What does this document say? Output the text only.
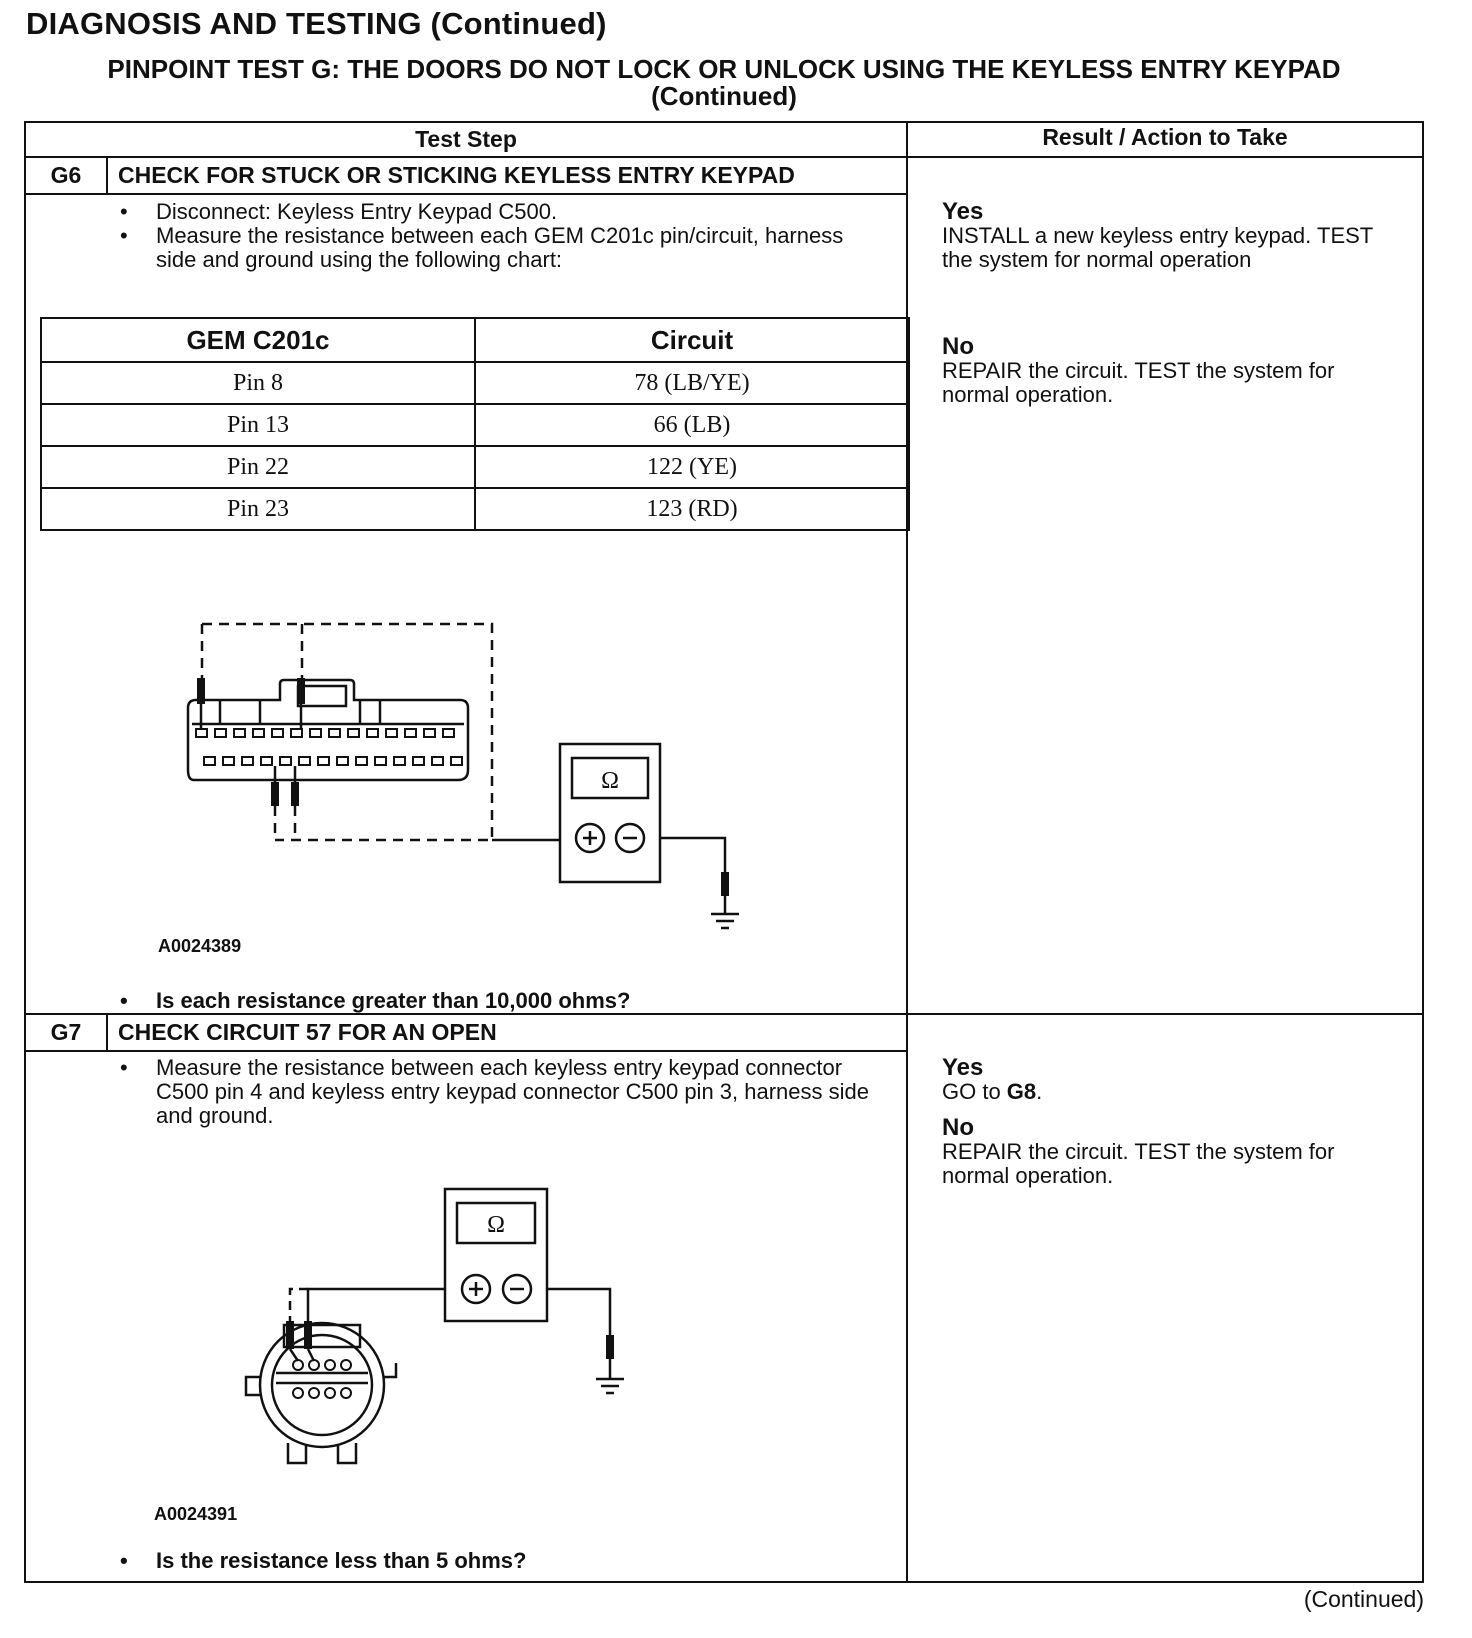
DIAGNOSIS AND TESTING (Continued)
PINPOINT TEST G: THE DOORS DO NOT LOCK OR UNLOCK USING THE KEYLESS ENTRY KEYPAD
(Continued)
Test Step	Result / Action to Take
G6	CHECK FOR STUCK OR STICKING KEYLESS ENTRY KEYPAD
• Disconnect: Keyless Entry Keypad C500.
• Measure the resistance between each GEM C201c pin/circuit, harness side and ground using the following chart:
GEM C201c	Circuit
Pin 8	78 (LB/YE)
Pin 13	66 (LB)
Pin 22	122 (YE)
Pin 23	123 (RD)
Ω
A0024389
• Is each resistance greater than 10,000 ohms?
Yes
INSTALL a new keyless entry keypad. TEST the system for normal operation
No
REPAIR the circuit. TEST the system for normal operation.
G7	CHECK CIRCUIT 57 FOR AN OPEN
• Measure the resistance between each keyless entry keypad connector C500 pin 4 and keyless entry keypad connector C500 pin 3, harness side and ground.
Ω
A0024391
• Is the resistance less than 5 ohms?
Yes
GO to G8.
No
REPAIR the circuit. TEST the system for normal operation.
(Continued)
